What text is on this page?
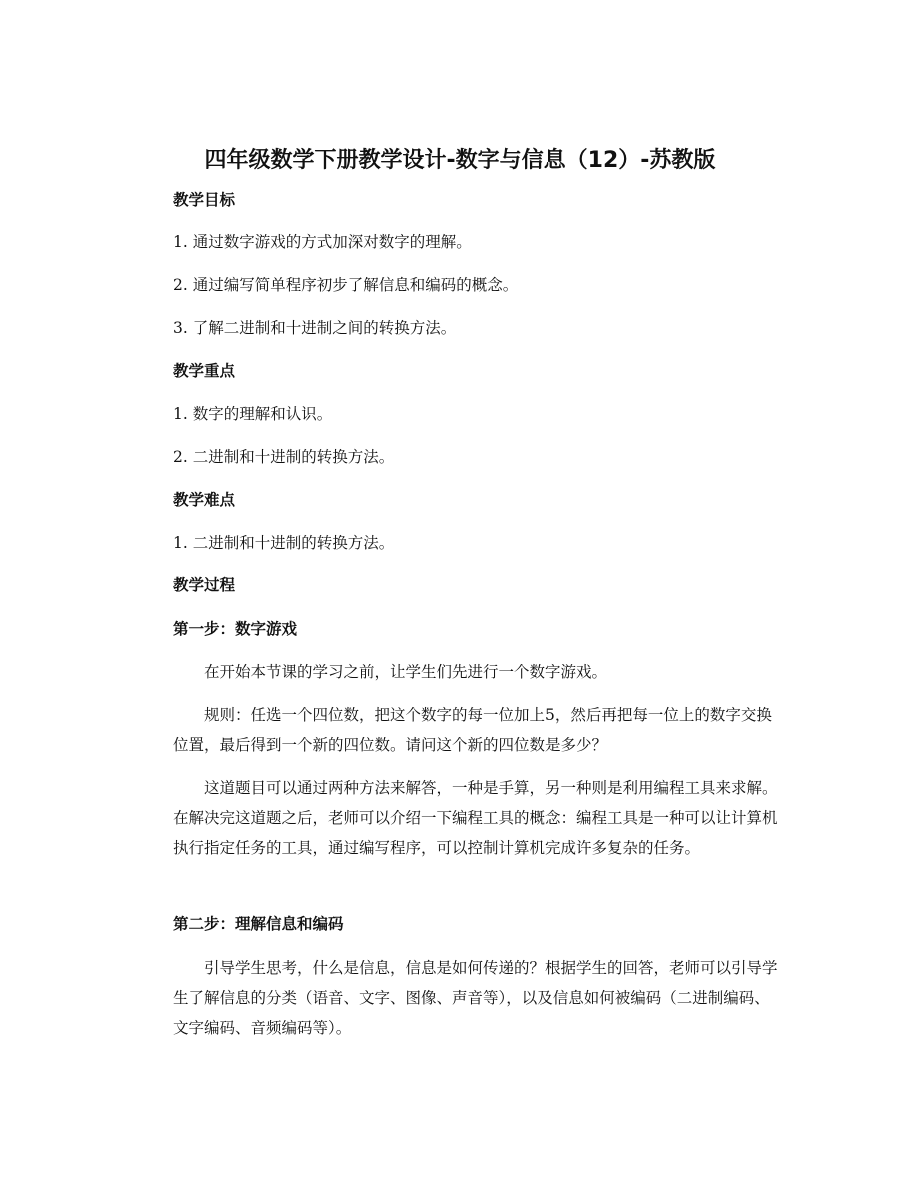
四年级数学下册教学设计-数字与信息（12）-苏教版
教学目标
1. 通过数字游戏的方式加深对数字的理解。
2. 通过编写简单程序初步了解信息和编码的概念。
3. 了解二进制和十进制之间的转换方法。
教学重点
1. 数字的理解和认识。
2. 二进制和十进制的转换方法。
教学难点
1. 二进制和十进制的转换方法。
教学过程
第一步：数字游戏

在开始本节课的学习之前，让学生们先进行一个数字游戏。

规则：任选一个四位数，把这个数字的每一位加上5，然后再把每一位上的数字交换位置，最后得到一个新的四位数。请问这个新的四位数是多少？

这道题目可以通过两种方法来解答，一种是手算，另一种则是利用编程工具来求解。在解决完这道题之后，老师可以介绍一下编程工具的概念：编程工具是一种可以让计算机执行指定任务的工具，通过编写程序，可以控制计算机完成许多复杂的任务。

第二步：理解信息和编码

引导学生思考，什么是信息，信息是如何传递的？根据学生的回答，老师可以引导学生了解信息的分类（语音、文字、图像、声音等），以及信息如何被编码（二进制编码、文字编码、音频编码等）。
